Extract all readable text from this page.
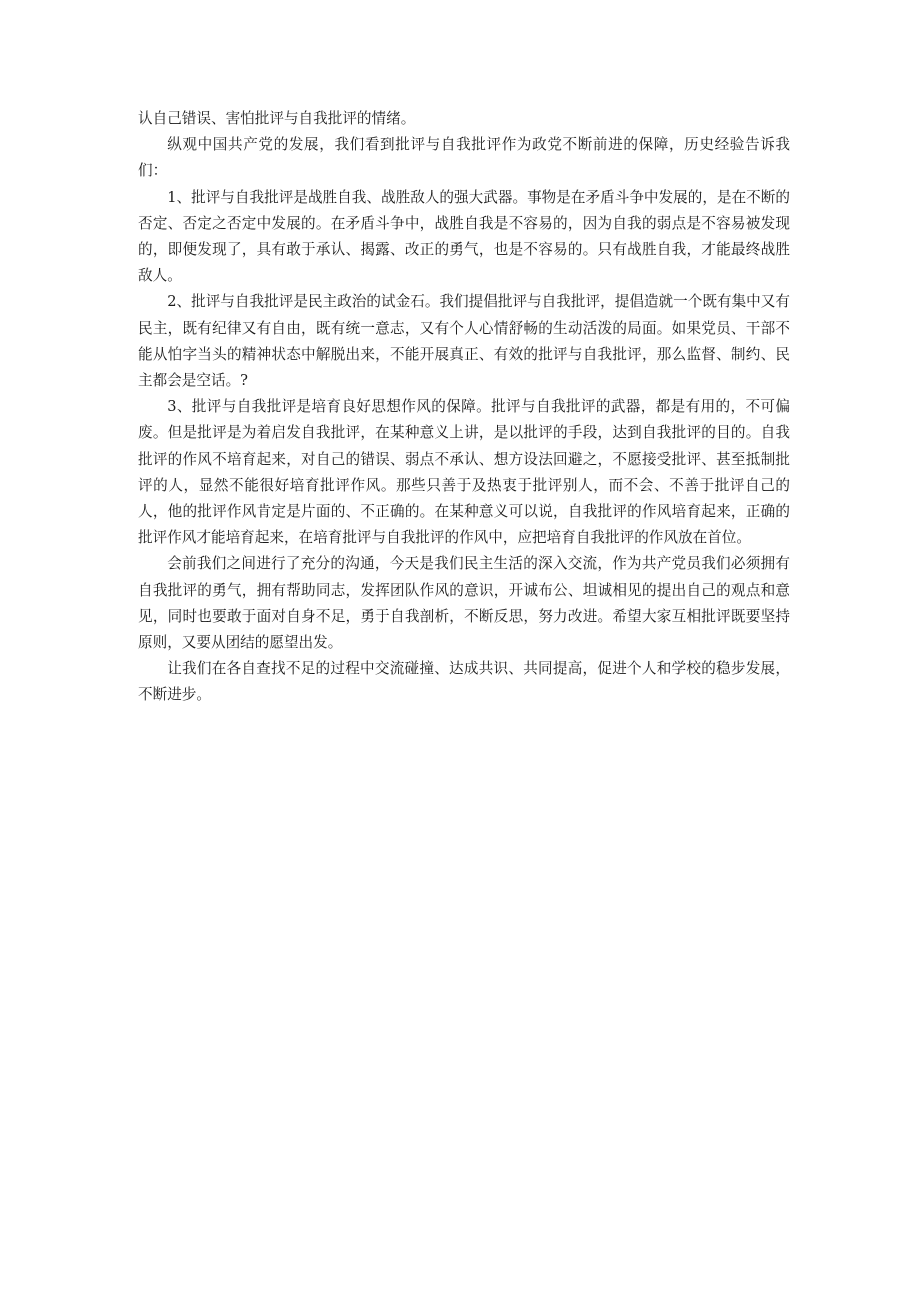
认自己错误、害怕批评与自我批评的情绪。

纵观中国共产党的发展，我们看到批评与自我批评作为政党不断前进的保障，历史经验告诉我们：

1、批评与自我批评是战胜自我、战胜敌人的强大武器。事物是在矛盾斗争中发展的，是在不断的否定、否定之否定中发展的。在矛盾斗争中，战胜自我是不容易的，因为自我的弱点是不容易被发现的，即便发现了，具有敢于承认、揭露、改正的勇气，也是不容易的。只有战胜自我，才能最终战胜敌人。

2、批评与自我批评是民主政治的试金石。我们提倡批评与自我批评，提倡造就一个既有集中又有民主，既有纪律又有自由，既有统一意志，又有个人心情舒畅的生动活泼的局面。如果党员、干部不能从怕字当头的精神状态中解脱出来，不能开展真正、有效的批评与自我批评，那么监督、制约、民主都会是空话。?

3、批评与自我批评是培育良好思想作风的保障。批评与自我批评的武器，都是有用的，不可偏废。但是批评是为着启发自我批评，在某种意义上讲，是以批评的手段，达到自我批评的目的。自我批评的作风不培育起来，对自己的错误、弱点不承认、想方设法回避之，不愿接受批评、甚至抵制批评的人，显然不能很好培育批评作风。那些只善于及热衷于批评别人，而不会、不善于批评自己的人，他的批评作风肯定是片面的、不正确的。在某种意义可以说，自我批评的作风培育起来，正确的批评作风才能培育起来，在培育批评与自我批评的作风中，应把培育自我批评的作风放在首位。

会前我们之间进行了充分的沟通，今天是我们民主生活的深入交流，作为共产党员我们必须拥有自我批评的勇气，拥有帮助同志，发挥团队作风的意识，开诚布公、坦诚相见的提出自己的观点和意见，同时也要敢于面对自身不足，勇于自我剖析，不断反思，努力改进。希望大家互相批评既要坚持原则，又要从团结的愿望出发。

让我们在各自查找不足的过程中交流碰撞、达成共识、共同提高，促进个人和学校的稳步发展，不断进步。
